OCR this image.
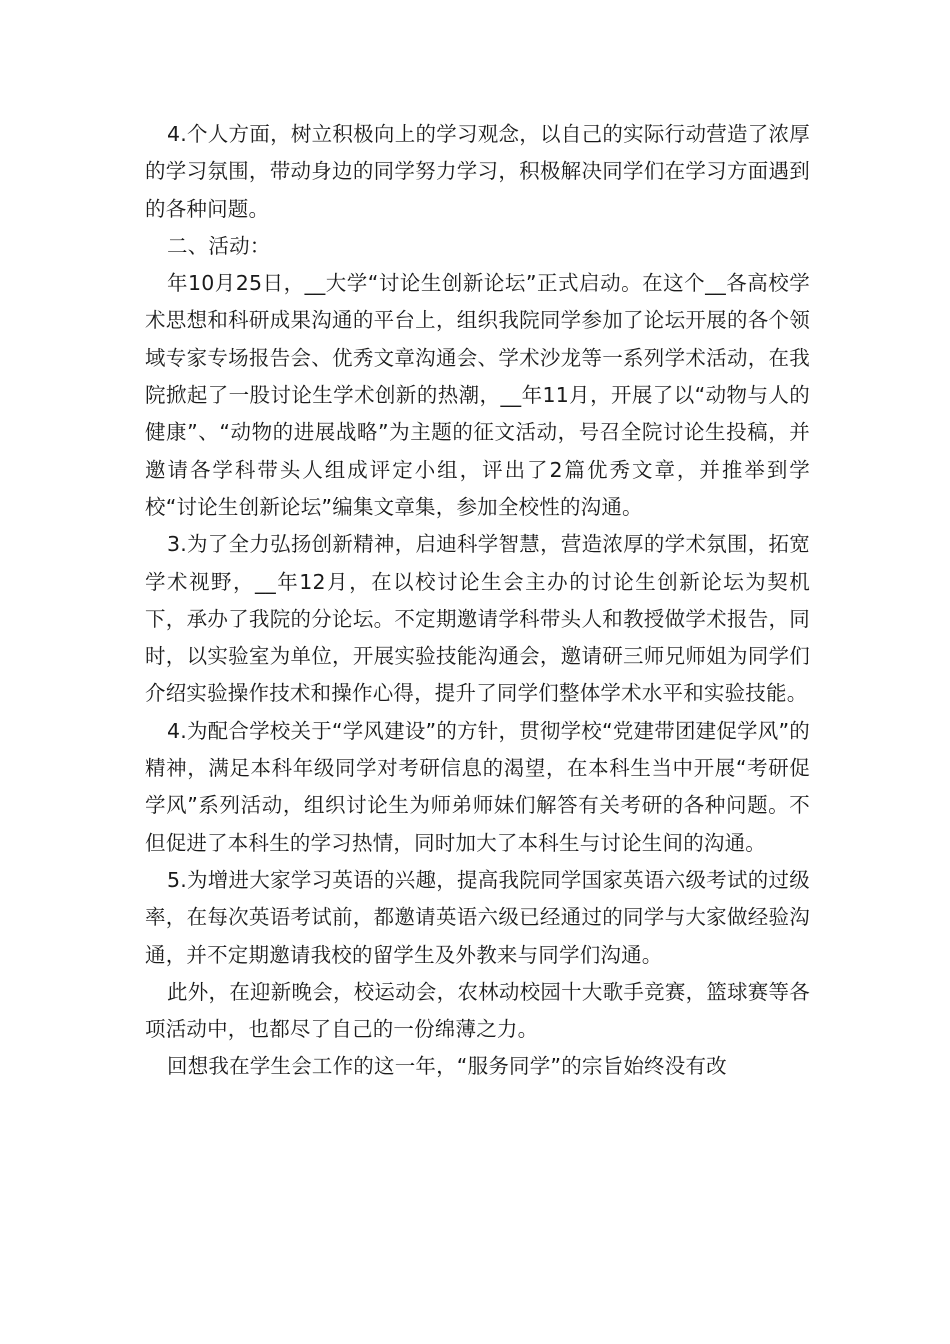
4.个人方面，树立积极向上的学习观念，以自己的实际行动营造了浓厚的学习氛围，带动身边的同学努力学习，积极解决同学们在学习方面遇到的各种问题。

二、活动：

年10月25日，__大学“讨论生创新论坛”正式启动。在这个__各高校学术思想和科研成果沟通的平台上，组织我院同学参加了论坛开展的各个领域专家专场报告会、优秀文章沟通会、学术沙龙等一系列学术活动，在我院掀起了一股讨论生学术创新的热潮，__年11月，开展了以“动物与人的健康”、“动物的进展战略”为主题的征文活动，号召全院讨论生投稿，并邀请各学科带头人组成评定小组，评出了2篇优秀文章，并推举到学校“讨论生创新论坛”编集文章集，参加全校性的沟通。

3.为了全力弘扬创新精神，启迪科学智慧，营造浓厚的学术氛围，拓宽学术视野，__年12月，在以校讨论生会主办的讨论生创新论坛为契机下，承办了我院的分论坛。不定期邀请学科带头人和教授做学术报告，同时，以实验室为单位，开展实验技能沟通会，邀请研三师兄师姐为同学们介绍实验操作技术和操作心得，提升了同学们整体学术水平和实验技能。

4.为配合学校关于“学风建设”的方针，贯彻学校“党建带团建促学风”的精神，满足本科年级同学对考研信息的渴望，在本科生当中开展“考研促学风”系列活动，组织讨论生为师弟师妹们解答有关考研的各种问题。不但促进了本科生的学习热情，同时加大了本科生与讨论生间的沟通。

5.为增进大家学习英语的兴趣，提高我院同学国家英语六级考试的过级率，在每次英语考试前，都邀请英语六级已经通过的同学与大家做经验沟通，并不定期邀请我校的留学生及外教来与同学们沟通。

此外，在迎新晚会，校运动会，农林动校园十大歌手竞赛，篮球赛等各项活动中，也都尽了自己的一份绵薄之力。

回想我在学生会工作的这一年，“服务同学”的宗旨始终没有改
